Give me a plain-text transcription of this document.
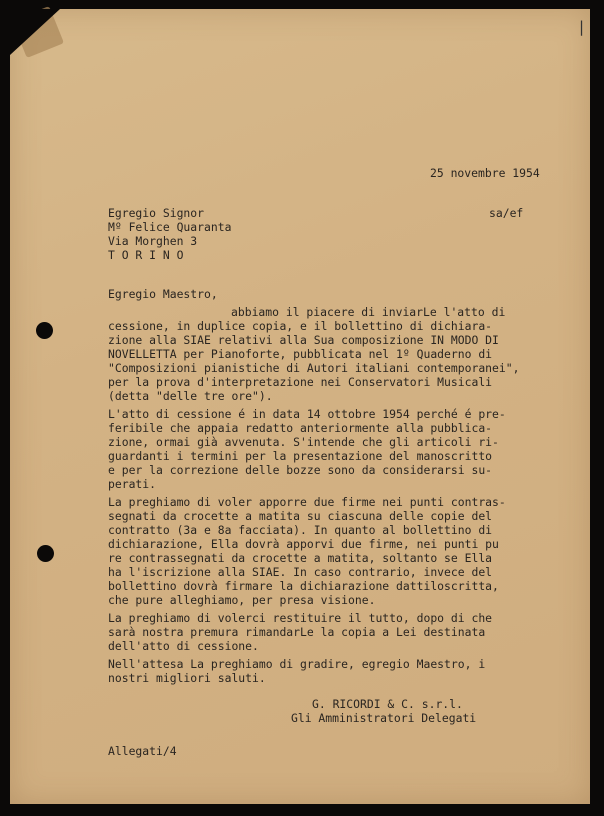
|

25 novembre 1954

sa/ef

Egregio Signor

Mº Felice Quaranta

Via Morghen 3

T O R I N O

Egregio Maestro,

abbiamo il piacere di inviarLe l'atto di

cessione, in duplice copia, e il bollettino di dichiara-

zione alla SIAE relativi alla Sua composizione IN MODO DI

NOVELLETTA per Pianoforte, pubblicata nel 1º Quaderno di

"Composizioni pianistiche di Autori italiani contemporanei",

per la prova d'interpretazione nei Conservatori Musicali

(detta "delle tre ore").

L'atto di cessione é in data 14 ottobre 1954 perché é pre-

feribile che appaia redatto anteriormente alla pubblica-

zione, ormai già avvenuta. S'intende che gli articoli ri-

guardanti i termini per la presentazione del manoscritto

e per la correzione delle bozze sono da considerarsi su-

perati.

La preghiamo di voler apporre due firme nei punti contras-

segnati da crocette a matita su ciascuna delle copie del

contratto (3a e 8a facciata). In quanto al bollettino di

dichiarazione, Ella dovrà apporvi due firme, nei punti pu

re contrassegnati da crocette a matita, soltanto se Ella

ha l'iscrizione alla SIAE. In caso contrario, invece del

bollettino dovrà firmare la dichiarazione dattiloscritta,

che pure alleghiamo, per presa visione.

La preghiamo di volerci restituire il tutto, dopo di che

sarà nostra premura rimandarLe la copia a Lei destinata

dell'atto di cessione.

Nell'attesa La preghiamo di gradire, egregio Maestro, i

nostri migliori saluti.

G. RICORDI & C. s.r.l.

Gli Amministratori Delegati

Allegati/4
